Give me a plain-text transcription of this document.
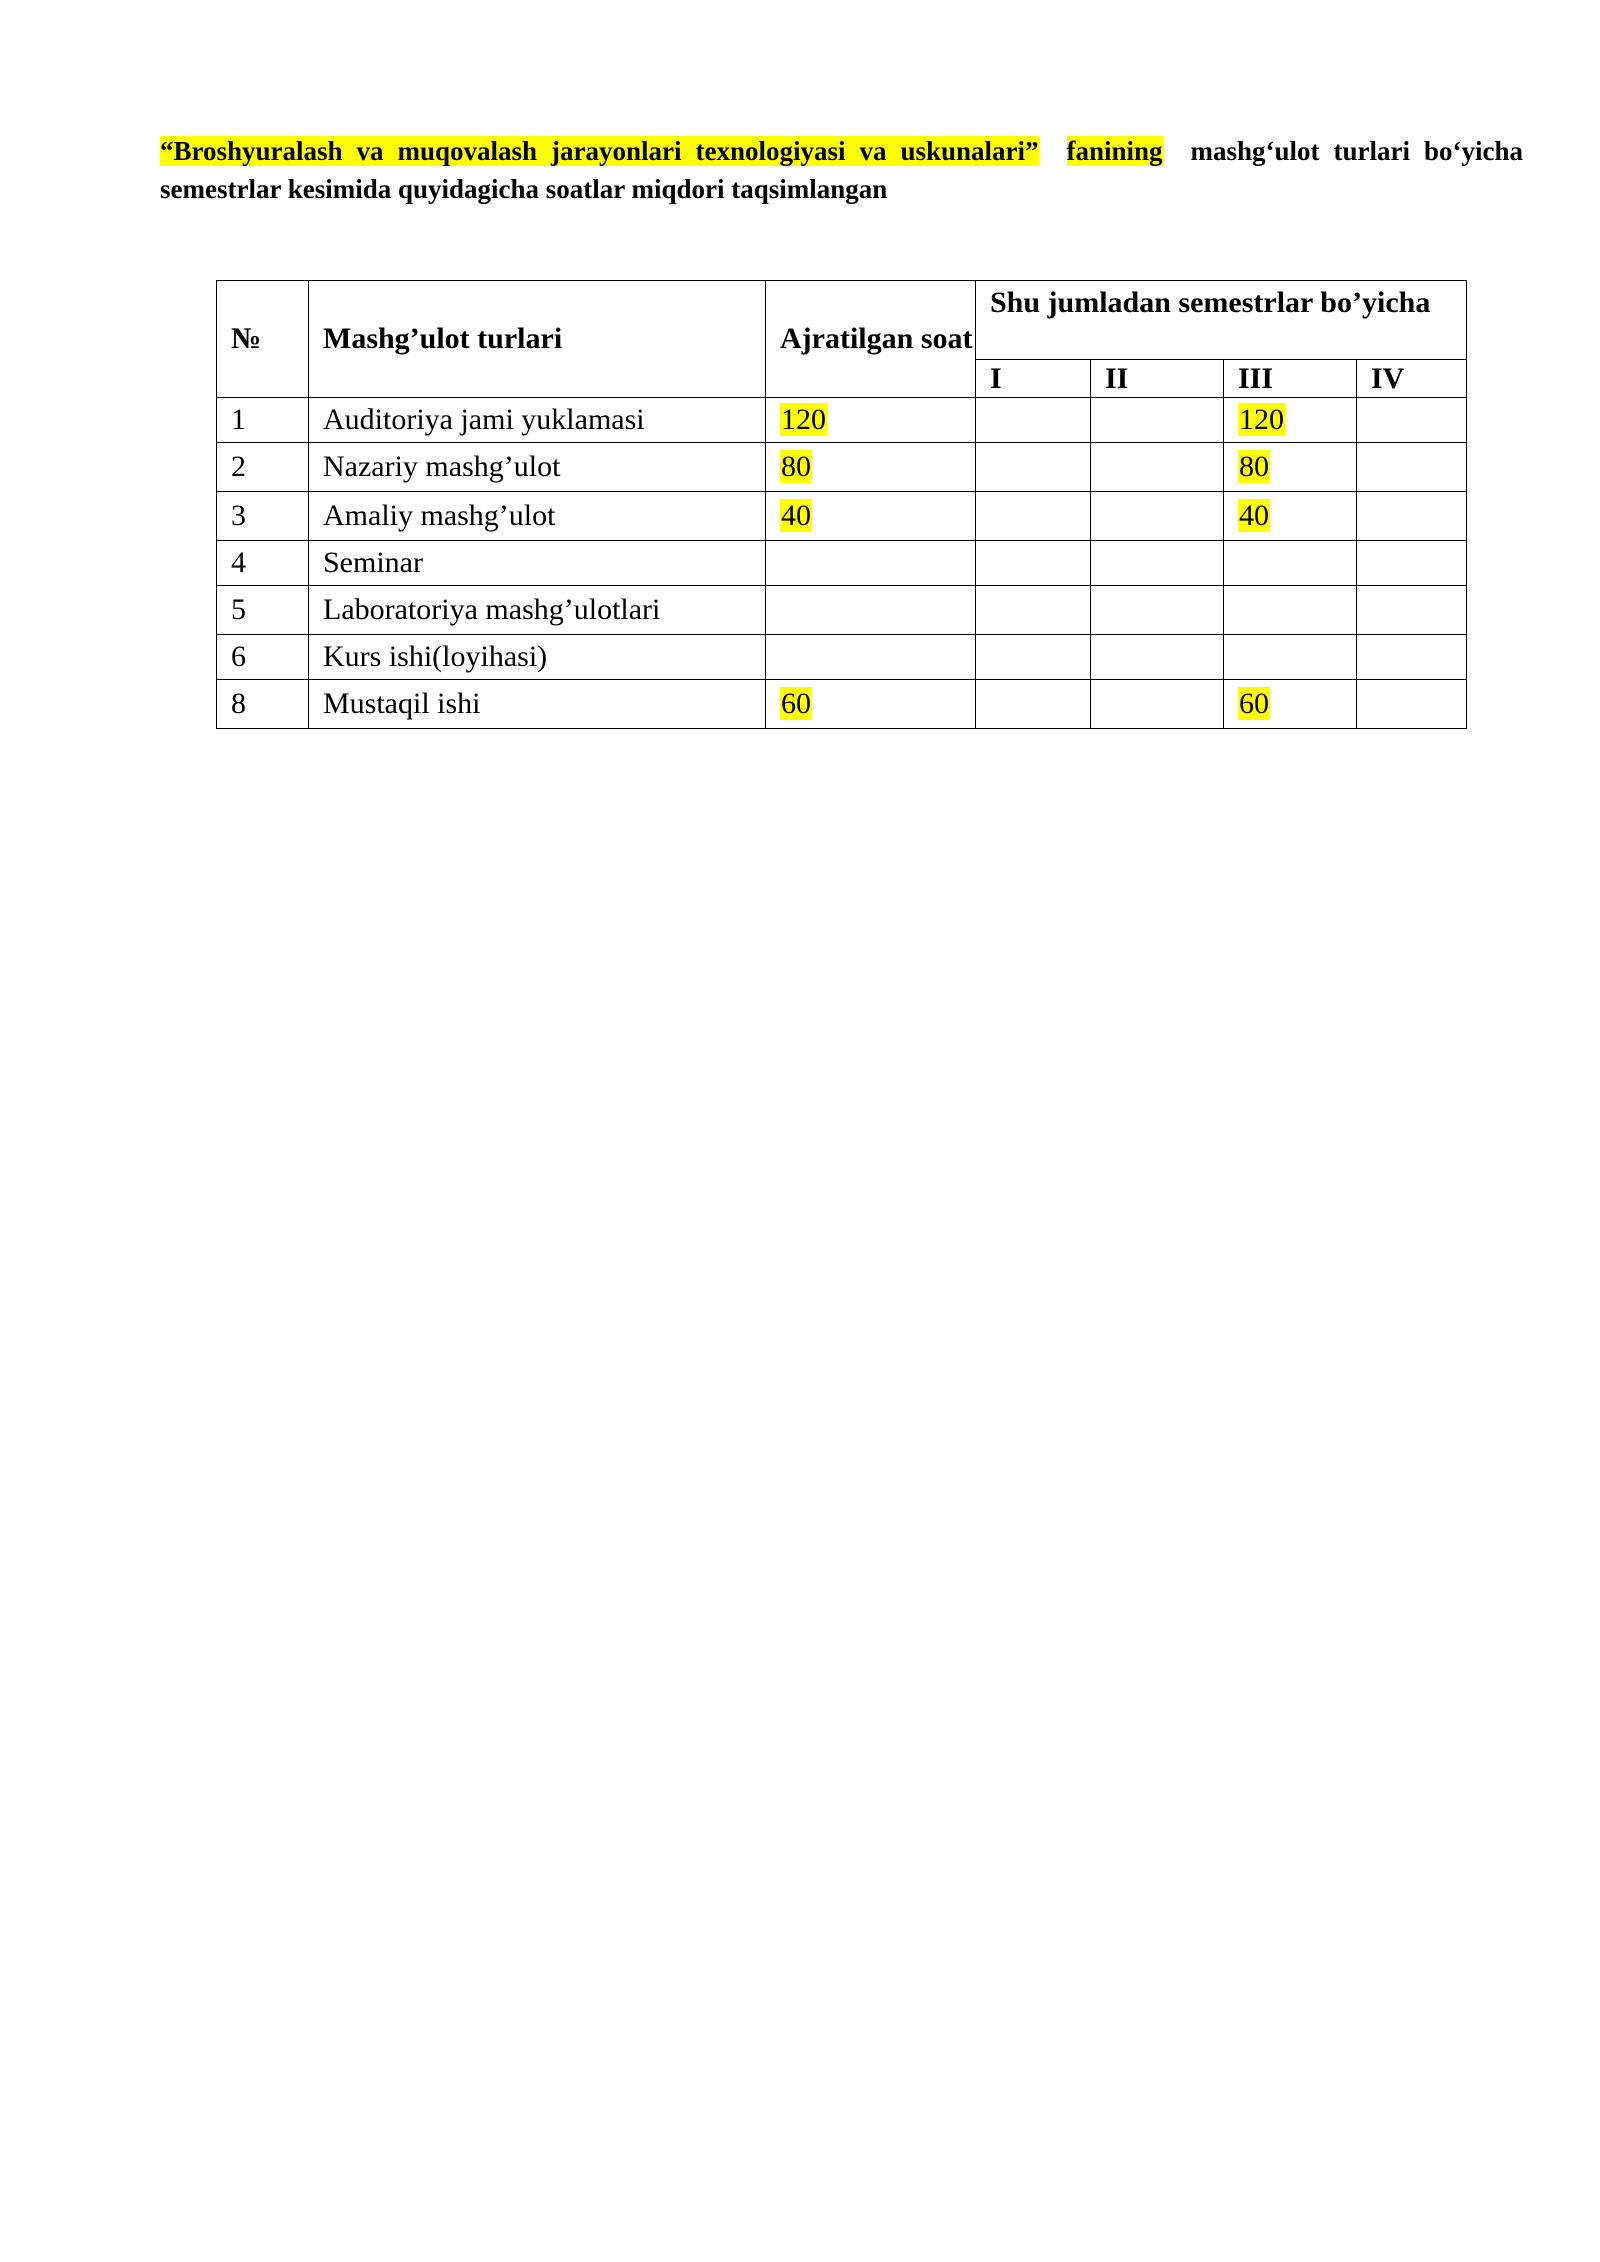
“Broshyuralash va muqovalash jarayonlari texnologiyasi va uskunalari” fanining mashg‘ulot turlari bo‘yicha semestrlar kesimida quyidagicha soatlar miqdori taqsimlangan
№	Mashg’ulot turlari	Ajratilgan soat	Shu jumladan semestrlar bo’yicha			
			I	II	III	IV
1	Auditoriya jami yuklamasi	120			120	
2	Nazariy mashg’ulot	80			80	
3	Amaliy mashg’ulot	40			40	
4	Seminar					
5	Laboratoriya mashg’ulotlari					
6	Kurs ishi(loyihasi)					
8	Mustaqil ishi	60			60	
